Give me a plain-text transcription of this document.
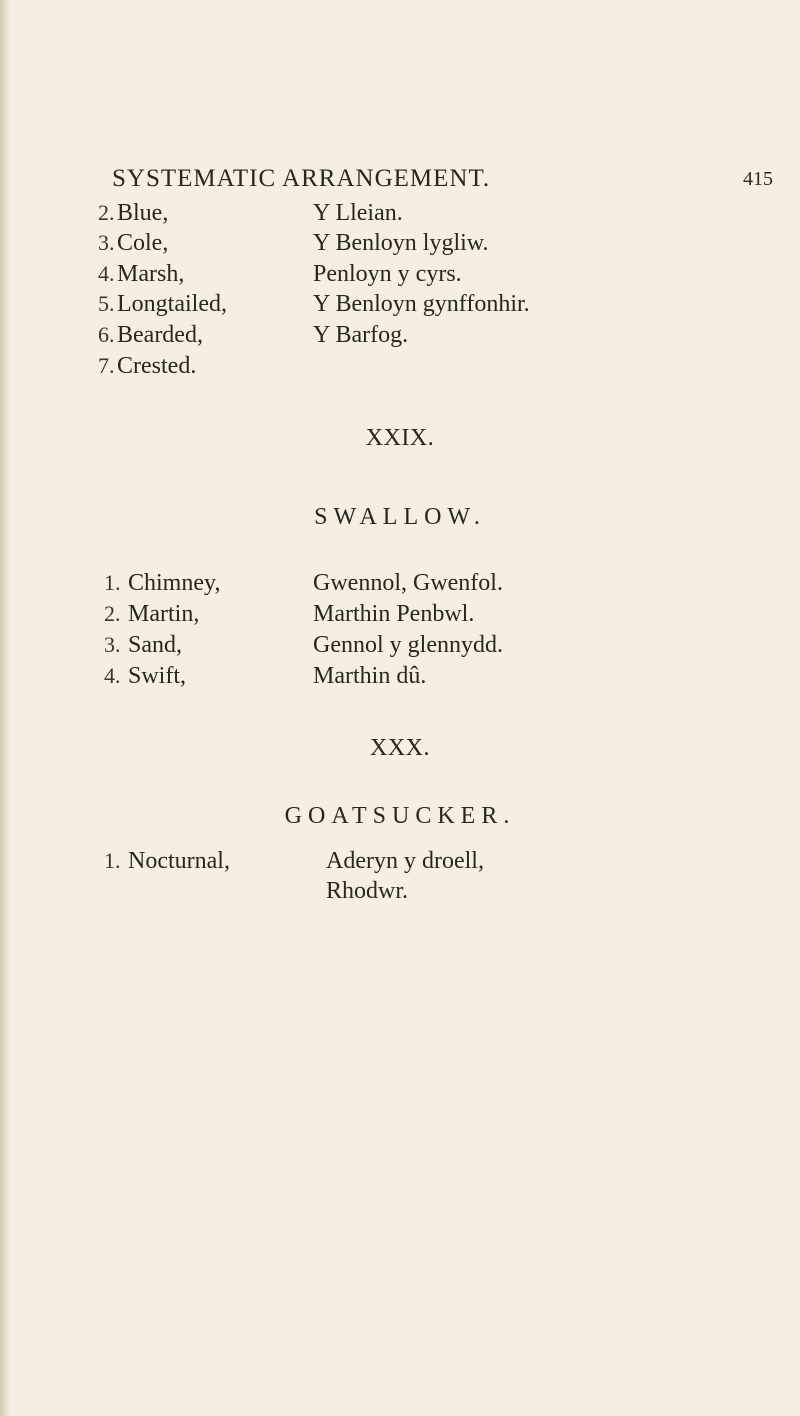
SYSTEMATIC ARRANGEMENT.	415
2. Blue,	Y Lleian.
3. Cole,	Y Benloyn lygliw.
4. Marsh,	Penloyn y cyrs.
5. Longtailed,	Y Benloyn gynffonhir.
6. Bearded,	Y Barfog.
7. Crested.
XXIX.
SWALLOW.
1. Chimney,	Gwennol, Gwenfol.
2. Martin,	Marthin Penbwl.
3. Sand,	Gennol y glennydd.
4. Swift,	Marthin dû.
XXX.
GOATSUCKER.
1. Nocturnal,	Aderyn y droell,
Rhodwr.
